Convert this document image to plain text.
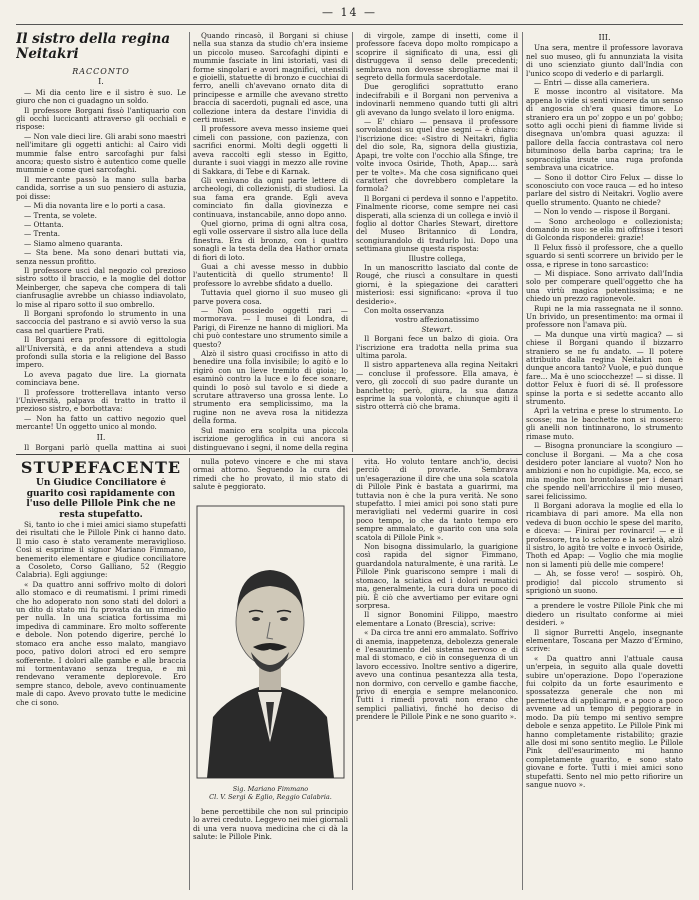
— 14 —
Il sistro della regina Neitakri
RACCONTO
I.

— Mi dia cento lire e il sistro è suo. Le giuro che non ci guadagno un soldo.

Il professore Borgani fissò l'antiquario con gli occhi luccicanti attraverso gli occhiali e rispose:

— Non vale dieci lire. Gli arabi sono maestri nell'imitare gli oggetti antichi: al Cairo vidi mummie false entro sarcofaghi pur falsi ancora; questo sistro è autentico come quelle mummie e come quei sarcofaghi.

Il mercante passò la mano sulla barba candida, sorrise a un suo pensiero di astuzia, poi disse:

— Mi dia novanta lire e lo porti a casa.

— Trenta, se volete.

— Ottanta.

— Trenta.

— Siamo almeno quaranta.

— Sta bene. Ma sono denari buttati via, senza nessun profitto.

Il professore usci dal negozio col prezioso sistro sotto il braccio, e la moglie del dottor Meinberger, che sapeva che compera di tali cianfrusaglie avrebbe un chiasso indiavolato, lo mise al riparo sotto il suo ombrello.

Il Borgani sprofondo lo strumento in una saccoccia del pastrano e si avviò verso la sua casa nel quartiere Prati.

Il Borgani era professore di egittologia all'Università, e da anni attendeva a studi profondi sulla storia e la religione del Basso impero.

Lo aveva pagato due lire. La giornata cominciava bene.

Il professore trotterellava intanto verso l'Università, palpava di tratto in tratto il prezioso sistro, e borbottava:

— Non ha fatto un cattivo negozio quel mercante! Un oggetto unico al mondo.

II.

Il Borgani parlò quella mattina ai suoi

Quando rincasò, il Borgani si chiuse nella sua stanza da studio ch'era insieme un piccolo museo. Sarcofaghi dipinti e mummie fasciate in lini istoriati, vasi di forme singolari e avori magnifici, utensili e gioielli, statuette di bronzo e cucchiai di ferro, anelli ch'avevano ornato dita di principesse e armille che avevano stretto braccia di sacerdoti, pugnali ed asce, una collezione intera da destare l'invidia di certi musei.

Il professore aveva messo insieme quei cimeli con passione, con pazienza, con sacrifici enormi. Molti degli oggetti li aveva raccolti egli stesso in Egitto, durante i suoi viaggi in mezzo alle rovine di Sakkara, di Tebe e di Karnak.

Gli venivano da ogni parte lettere di archeologi, di collezionisti, di studiosi. La sua fama era grande. Egli aveva cominciato fin dalla giovinezza e continuava, instancabile, anno dopo anno.

Quel giorno, prima di ogni altra cosa, egli volle osservare il sistro alla luce della finestra. Era di bronzo, con i quattro sonagli e la testa della dea Hathor ornata di fiori di loto.

Guai a chi avesse messo in dubbio l'autenticità di quello strumento! Il professore lo avrebbe sfidato a duello.

Tuttavia quel giorno il suo museo gli parve povera cosa.

— Non possiedo oggetti rari — mormorava. — I musei di Londra, di Parigi, di Firenze ne hanno di migliori. Ma chi può contestare uno strumento simile a questo?

Alzò il sistro quasi crocifisso in atto di benedire una folla invisibile; lo agitò e lo rigirò con un lieve tremito di gioia; lo esaminò contro la luce e lo fece sonare, quindi lo posò sul tavolo e si diede a scrutare attraverso una grossa lente. Lo strumento era semplicissimo, ma la rugine non ne aveva rosa la nitidezza della forma.

Sul manico era scolpita una piccola iscrizione geroglifica in cui ancora si distinguevano i segni, il nome della regina

di virgole, zampe di insetti, come il professore faceva dopo molto rompicapo a scoprire il significato di una, essi gli distruggeva il senso delle precedenti; sembrava non dovesse sbrogliarne mai il segreto della formula sacerdotale.

Due geroglifici soprattutto erano indecifrabili e il Borgani non perveniva a indovinarli nemmeno quando tutti gli altri gli avevano da lungo svelato il loro enigma.

— E' chiaro — pensava il professore sorvolandosi su quel due segni — è chiaro: l'iscrizione dice: «Sistro di Neitakri, figlia del dio sole, Ra, signora della giustizia, Apapi, tre volte con l'occhio alla Sfinge, tre volte invoca Osiride, Thoth, Apap.... sarà per te volte». Ma che cosa significano quei caratteri che dovrebbero completare la formola?

Il Borgani ci perdeva il sonno e l'appetito. Finalmente ricorse, come sempre nei casi disperati, alla scienza di un collega e inviò il foglio al dottor Charles Stewart, direttore del Museo Britannico di Londra, scongiurandolo di tradurlo lui. Dopo una settimana giunse questa risposta:

Illustre collega,

In un manoscritto lasciato dal conte de Rougé, che riuscì a consultare in questi giorni, è la spiegazione dei caratteri misteriosi: essi significano: «prova il tuo desiderio».

Con molta osservanza

vostro affezionatissimo

Stewart.

Il Borgani fece un balzo di gioia. Ora l'iscrizione era tradotta nella prima sua ultima parola.

Il sistro apparteneva alla regina Neitakri — concluse il professore. Ella amava, è vero, gli zoccoli di suo padre durante un banchetto; però, giura, la sua danza esprime la sua volontà, e chiunque agiti il sistro otterrà ciò che brama.

III.

Una sera, mentre il professore lavorava nel suo museo, gli fu annunziata la visita di uno scienziato giunto dall'India con l'unico scopo di vederlo e di parlargli.

— Entri — disse alla cameriera.

E mosse incontro al visitatore. Ma appena lo vide si sentì vincere da un senso di angoscia ch'era quasi timore. Lo straniero era un po' zoppo e un po' gobbo; sotto agli occhi pieni di fiamme livide si disegnava un'ombra quasi aguzza: il pallore della faccia contrastava col nero bituminoso della barba caprina; tra le sopracciglia irsute una ruga profonda sembrava una cicatrice.

— Sono il dottor Ciro Felux — disse lo sconosciuto con voce rauca — ed ho inteso parlare del sistro di Neitakri. Voglio avere quello strumento. Quanto ne chiede?

— Non lo vendo — rispose il Borgani.

— Sono archeologo e collezionista; domando in suo: se ella mi offrisse i tesori di Golconda risponderei: grazie!

Il Felux fissò il professore, che a quello sguardo si sentì scorrere un brivido per le ossa, e riprese in tono sarcastico:

— Mi dispiace. Sono arrivato dall'India solo per comperare quell'oggetto che ha una virtù magica potentissima; e ne chiedo un prezzo ragionevole.

Rupi ne la mia rassegnata ne il sonno. Un brivido, un presentimento: ma ormai il professore non l'amava più.

— Ma dunque una virtù magica? — si chiese il Borgani quando il bizzarro straniero se ne fu andato. — Il potere attribuito dalla regina Neitakri non è dunque ancora tanto? Vuole, e può dunque fare... Ma è uno sciocchezze! — si disse. Il dottor Felux è fuori di sé. Il professore spinse la porta e si sedette accanto allo strumento.

Aprì la vetrina e prese lo strumento. Lo scosse; ma le bacchette non si mossero: gli anelli non tintinnarono, lo strumento rimase muto.

— Bisogna pronunciare la scongiuro — concluse il Borgani. — Ma a che cosa desidero poter lanciare al vuoto? Non ho ambizioni e non ho cupidigie. Ma, ecco, se mia moglie non brontolasse per i denari che spendo nell'arricchire il mio museo, sarei felicissimo.

Il Borgani adorava la moglie ed ella lo ricambiava di pari amore. Ma ella non vedeva di buon occhio le spese del marito, e diceva: — Finirai per rovinarci! — e il professore, tra lo scherzo e la serietà, alzò il sistro, lo agitò tre volte e invocò Osiride, Thoth ed Apap: — Voglio che mia moglie non si lamenti più delle mie compere!

— Ah, se fosse vero! — sospirò. Oh, prodigio! dal piccolo strumento si sprigionò un suono.

a prendere le vostre Pillole Pink che mi diedero un risultato conforme ai miei desideri. »

Il signor Burretti Angelo, insegnante elementare, Toscana per Mazzo d'Ermino, scrive:

« Da quattro anni l'attuale causa un'erpeia, in seguito alla quale dovetti subire un'operazione. Dopo l'operazione fui colpito da un forte esaurimento e spossatezza generale che non mi permetteva di applicarmi, e a poco a poco avvenne ad un tempo di peggiorare in modo. Da più tempo mi sentivo sempre debole e senza appetito. Le Pillole Pink mi hanno completamente ristabilito; grazie alle dosi mi sono sentito meglio. Le Pillole Pink dell'esaurimento mi hanno completamente guarito, e sono stato giovane e forte. Tutti i miei amici sono stupefatti. Sento nel mio petto rifiorire un sangue nuovo ».

STUPEFACENTE

Un Giudice Conciliatore è guarito così rapidamente con l'uso delle Pillole Pink che ne resta stupefatto.

Si, tanto io che i miei amici siamo stupefatti dei risultati che le Pillole Pink ci hanno dato. Il mio caso è stato veramente meraviglioso. Così si esprime il signor Mariano Fimmano, benemerito elementare e giudice conciliatore a Cosoleto, Corso Galliano, 52 (Reggio Calabria). Egli aggiunge:

« Da quattro anni soffrivo molto di dolori allo stomaco e di reumatismi. I primi rimedi che ho adoperato non sono stati del dolori a un dito di stato mi fu provata da un rimedio per nulla. In una sciatica fortissima mi impediva di camminare. Ero molto sofferente e debole. Non potendo digerire, perché lo stomaco era anche esso malato, mangiavo poco, pativo dolori atroci ed ero sempre sofferente. I dolori alle gambe e alle braccia mi tormentavano senza tregua, e mi rendevano veramente deplorevole. Ero sempre stanco, debole, avevo continuamente male di capo. Avevo provato tutte le medicine che ci sono.

nulla potevo vincere e che mi stava ormai attorno. Seguendo la cura dei rimedi che ho provato, il mio stato di salute è peggiorato.

Sig. Mariano Fimmano
Cl. V. Sergi & Eglio, Reggio Calabria.

bene percettibile che non sul principio lo avrei creduto. Leggevo nei miei giornali di una vera nuova medicina che ci dà la salute: le Pillole Pink.

vita. Ho voluto tentare anch'io, decisi perciò di provarle. Sembrava un'esagerazione il dire che una sola scatola di Pillole Pink è bastata a guarirmi, ma tuttavia non è che la pura verità. Ne sono stupefatto. I miei amici poi sono stati pure meravigliati nel vedermi guarire in così poco tempo, io che da tanto tempo ero sempre ammalato, e guarito con una sola scatola di Pillole Pink ».

Non bisogna dissimularlo, la guarigione così rapida del signor Fimmano, guardandola naturalmente, è una rarità. Le Pillole Pink guariscono sempre i mali di stomaco, la sciatica ed i dolori reumatici ma, generalmente, la cura dura un poco di più. È ciò che avvertiamo per evitare ogni sorpresa.

Il signor Bonomini Filippo, maestro elementare a Lonato (Brescia), scrive:

« Da circa tre anni ero ammalato. Soffrivo di anemia, inappetenza, debolezza generale e l'esaurimento del sistema nervoso e di mal di stomaco, e ciò in conseguenza di un lavoro eccessivo. Inoltre sentivo a digerire, avevo una continua pesantezza alla testa, non dormivo, con cervello e gambe fiacche, privo di energia e sempre melanconico. Tutti i rimedi provati non erano che semplici palliativi, finché ho deciso di prendere le Pillole Pink e ne sono guarito ».
